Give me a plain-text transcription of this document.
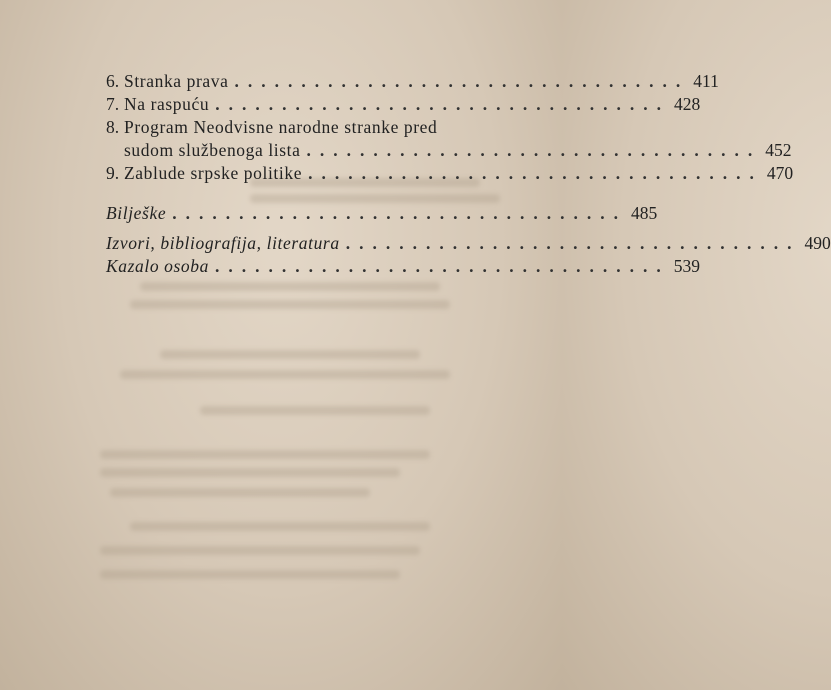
6. Stranka prava .................................. 411
7. Na raspuću .................................. 428
8. Program Neodvisne narodne stranke pred
sudom službenoga lista .................................. 452
9. Zablude srpske politike .................................. 470
Bilješke .................................. 485
Izvori, bibliografija, literatura .................................. 490
Kazalo osoba .................................. 539
